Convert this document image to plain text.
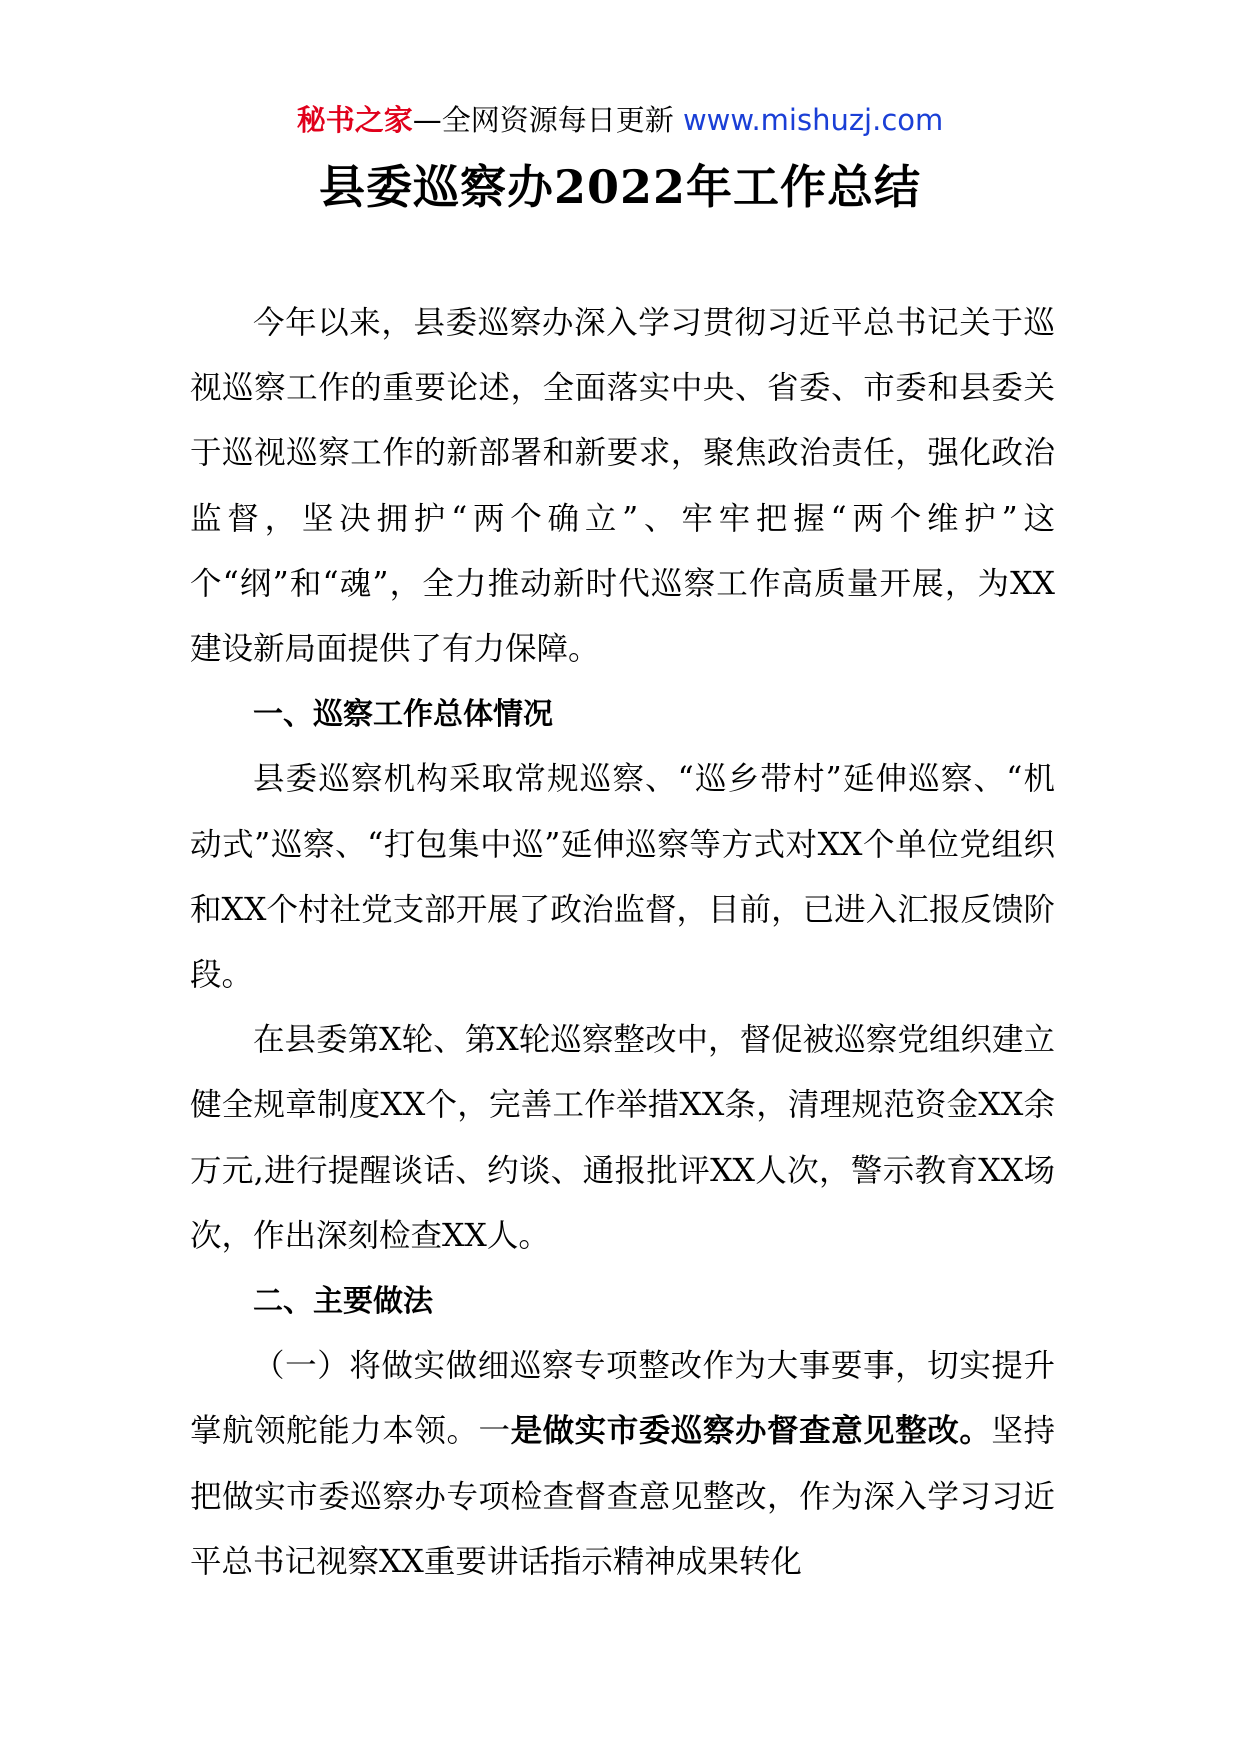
秘书之家—全网资源每日更新 www.mishuzj.com
县委巡察办2022年工作总结

今年以来，县委巡察办深入学习贯彻习近平总书记关于巡视巡察工作的重要论述，全面落实中央、省委、市委和县委关于巡视巡察工作的新部署和新要求，聚焦政治责任，强化政治监督，坚决拥护“两个确立”、牢牢把握“两个维护”这个“纲”和“魂”，全力推动新时代巡察工作高质量开展，为XX建设新局面提供了有力保障。

一、巡察工作总体情况

县委巡察机构采取常规巡察、“巡乡带村”延伸巡察、“机动式”巡察、“打包集中巡”延伸巡察等方式对XX个单位党组织和XX个村社党支部开展了政治监督，目前，已进入汇报反馈阶段。

在县委第X轮、第X轮巡察整改中，督促被巡察党组织建立健全规章制度XX个，完善工作举措XX条，清理规范资金XX余万元,进行提醒谈话、约谈、通报批评XX人次，警示教育XX场次，作出深刻检查XX人。

二、主要做法

（一）将做实做细巡察专项整改作为大事要事，切实提升掌航领舵能力本领。一是做实市委巡察办督查意见整改。坚持把做实市委巡察办专项检查督查意见整改，作为深入学习习近平总书记视察XX重要讲话指示精神成果转化
